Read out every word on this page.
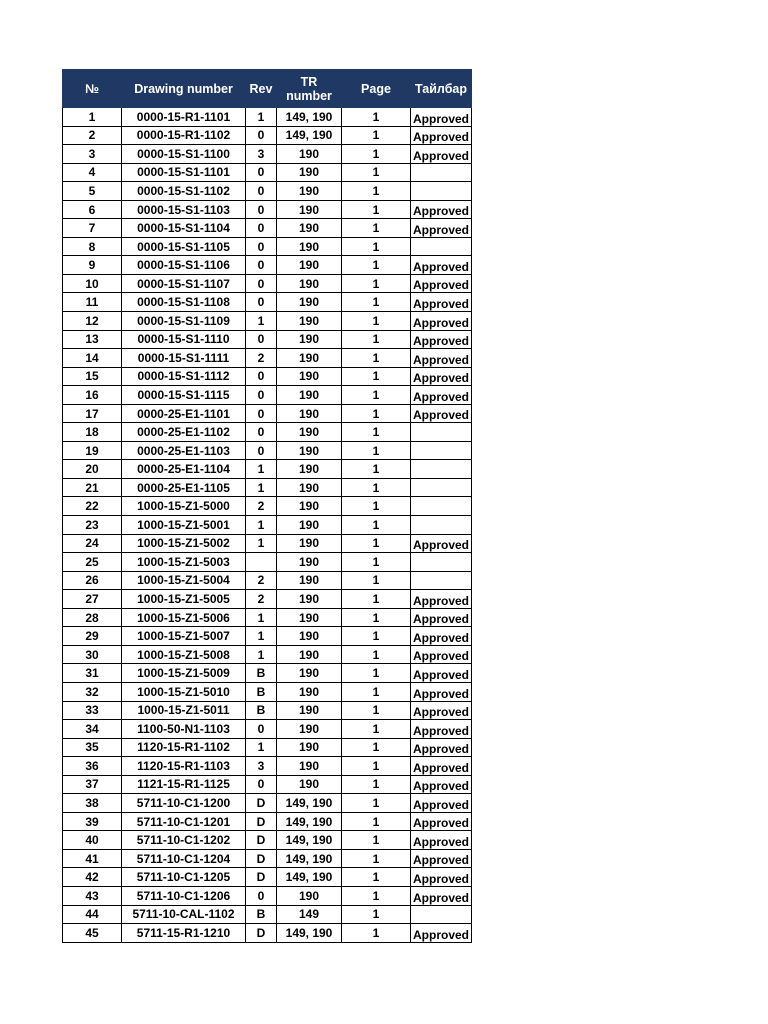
№	Drawing number	Rev	TR number	Page	Тайлбар
1	0000-15-R1-1101	1	149, 190	1	Approved
2	0000-15-R1-1102	0	149, 190	1	Approved
3	0000-15-S1-1100	3	190	1	Approved
4	0000-15-S1-1101	0	190	1	
5	0000-15-S1-1102	0	190	1	
6	0000-15-S1-1103	0	190	1	Approved
7	0000-15-S1-1104	0	190	1	Approved
8	0000-15-S1-1105	0	190	1	
9	0000-15-S1-1106	0	190	1	Approved
10	0000-15-S1-1107	0	190	1	Approved
11	0000-15-S1-1108	0	190	1	Approved
12	0000-15-S1-1109	1	190	1	Approved
13	0000-15-S1-1110	0	190	1	Approved
14	0000-15-S1-1111	2	190	1	Approved
15	0000-15-S1-1112	0	190	1	Approved
16	0000-15-S1-1115	0	190	1	Approved
17	0000-25-E1-1101	0	190	1	Approved
18	0000-25-E1-1102	0	190	1	
19	0000-25-E1-1103	0	190	1	
20	0000-25-E1-1104	1	190	1	
21	0000-25-E1-1105	1	190	1	
22	1000-15-Z1-5000	2	190	1	
23	1000-15-Z1-5001	1	190	1	
24	1000-15-Z1-5002	1	190	1	Approved
25	1000-15-Z1-5003		190	1	
26	1000-15-Z1-5004	2	190	1	
27	1000-15-Z1-5005	2	190	1	Approved
28	1000-15-Z1-5006	1	190	1	Approved
29	1000-15-Z1-5007	1	190	1	Approved
30	1000-15-Z1-5008	1	190	1	Approved
31	1000-15-Z1-5009	B	190	1	Approved
32	1000-15-Z1-5010	B	190	1	Approved
33	1000-15-Z1-5011	B	190	1	Approved
34	1100-50-N1-1103	0	190	1	Approved
35	1120-15-R1-1102	1	190	1	Approved
36	1120-15-R1-1103	3	190	1	Approved
37	1121-15-R1-1125	0	190	1	Approved
38	5711-10-C1-1200	D	149, 190	1	Approved
39	5711-10-C1-1201	D	149, 190	1	Approved
40	5711-10-C1-1202	D	149, 190	1	Approved
41	5711-10-C1-1204	D	149, 190	1	Approved
42	5711-10-C1-1205	D	149, 190	1	Approved
43	5711-10-C1-1206	0	190	1	Approved
44	5711-10-CAL-1102	B	149	1	
45	5711-15-R1-1210	D	149, 190	1	Approved
